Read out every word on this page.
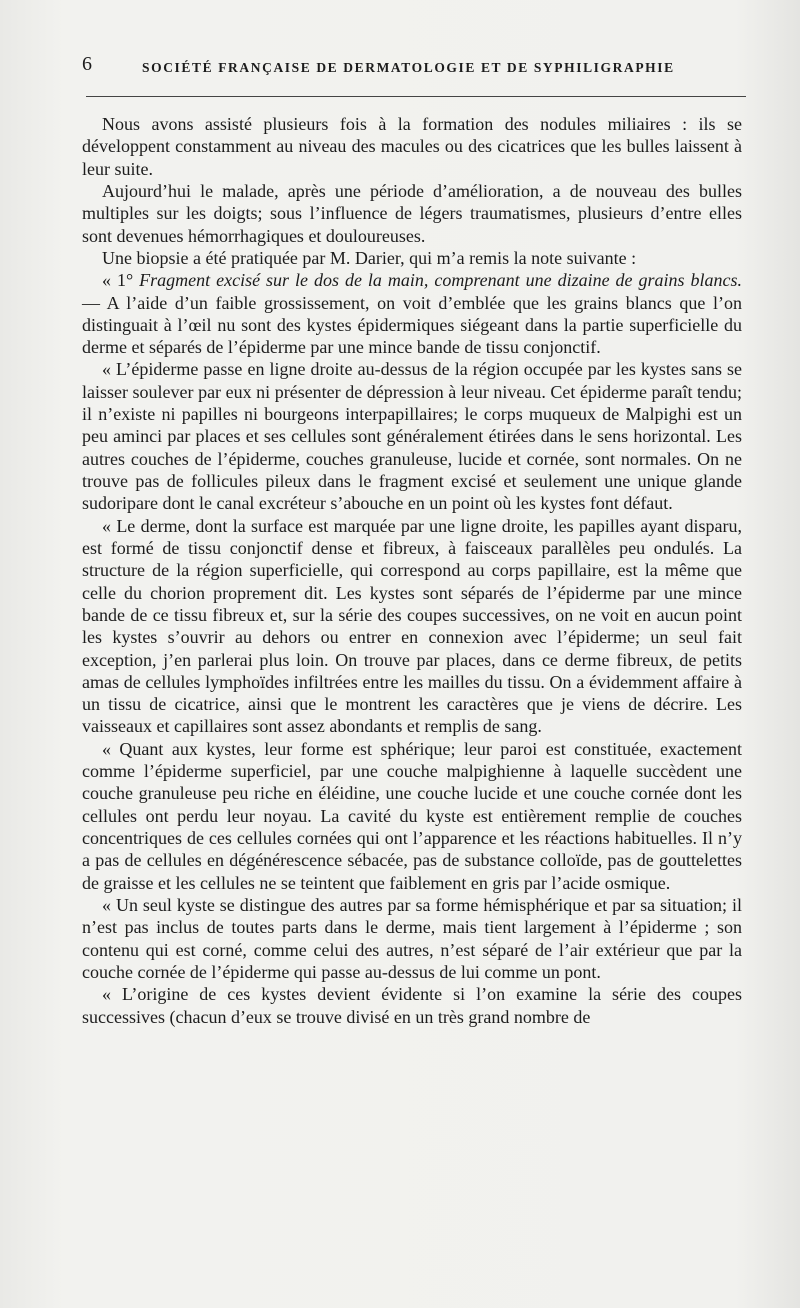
6	SOCIÉTÉ FRANÇAISE DE DERMATOLOGIE ET DE SYPHILIGRAPHIE

Nous avons assisté plusieurs fois à la formation des nodules miliaires : ils se développent constamment au niveau des macules ou des cicatrices que les bulles laissent à leur suite.

Aujourd’hui le malade, après une période d’amélioration, a de nouveau des bulles multiples sur les doigts; sous l’influence de légers traumatismes, plusieurs d’entre elles sont devenues hémorrhagiques et douloureuses.

Une biopsie a été pratiquée par M. Darier, qui m’a remis la note suivante :

« 1° Fragment excisé sur le dos de la main, comprenant une dizaine de grains blancs. — A l’aide d’un faible grossissement, on voit d’emblée que les grains blancs que l’on distinguait à l’œil nu sont des kystes épidermiques siégeant dans la partie superficielle du derme et séparés de l’épiderme par une mince bande de tissu conjonctif.

« L’épiderme passe en ligne droite au-dessus de la région occupée par les kystes sans se laisser soulever par eux ni présenter de dépression à leur niveau. Cet épiderme paraît tendu; il n’existe ni papilles ni bourgeons interpapillaires; le corps muqueux de Malpighi est un peu aminci par places et ses cellules sont généralement étirées dans le sens horizontal. Les autres couches de l’épiderme, couches granuleuse, lucide et cornée, sont normales. On ne trouve pas de follicules pileux dans le fragment excisé et seulement une unique glande sudoripare dont le canal excréteur s’abouche en un point où les kystes font défaut.

« Le derme, dont la surface est marquée par une ligne droite, les papilles ayant disparu, est formé de tissu conjonctif dense et fibreux, à faisceaux parallèles peu ondulés. La structure de la région superficielle, qui correspond au corps papillaire, est la même que celle du chorion proprement dit. Les kystes sont séparés de l’épiderme par une mince bande de ce tissu fibreux et, sur la série des coupes successives, on ne voit en aucun point les kystes s’ouvrir au dehors ou entrer en connexion avec l’épiderme; un seul fait exception, j’en parlerai plus loin. On trouve par places, dans ce derme fibreux, de petits amas de cellules lymphoïdes infiltrées entre les mailles du tissu. On a évidemment affaire à un tissu de cicatrice, ainsi que le montrent les caractères que je viens de décrire. Les vaisseaux et capillaires sont assez abondants et remplis de sang.

« Quant aux kystes, leur forme est sphérique; leur paroi est constituée, exactement comme l’épiderme superficiel, par une couche malpighienne à laquelle succèdent une couche granuleuse peu riche en éléidine, une couche lucide et une couche cornée dont les cellules ont perdu leur noyau. La cavité du kyste est entièrement remplie de couches concentriques de ces cellules cornées qui ont l’apparence et les réactions habituelles. Il n’y a pas de cellules en dégénérescence sébacée, pas de substance colloïde, pas de gouttelettes de graisse et les cellules ne se teintent que faiblement en gris par l’acide osmique.

« Un seul kyste se distingue des autres par sa forme hémisphérique et par sa situation; il n’est pas inclus de toutes parts dans le derme, mais tient largement à l’épiderme ; son contenu qui est corné, comme celui des autres, n’est séparé de l’air extérieur que par la couche cornée de l’épiderme qui passe au-dessus de lui comme un pont.

« L’origine de ces kystes devient évidente si l’on examine la série des coupes successives (chacun d’eux se trouve divisé en un très grand nombre de
